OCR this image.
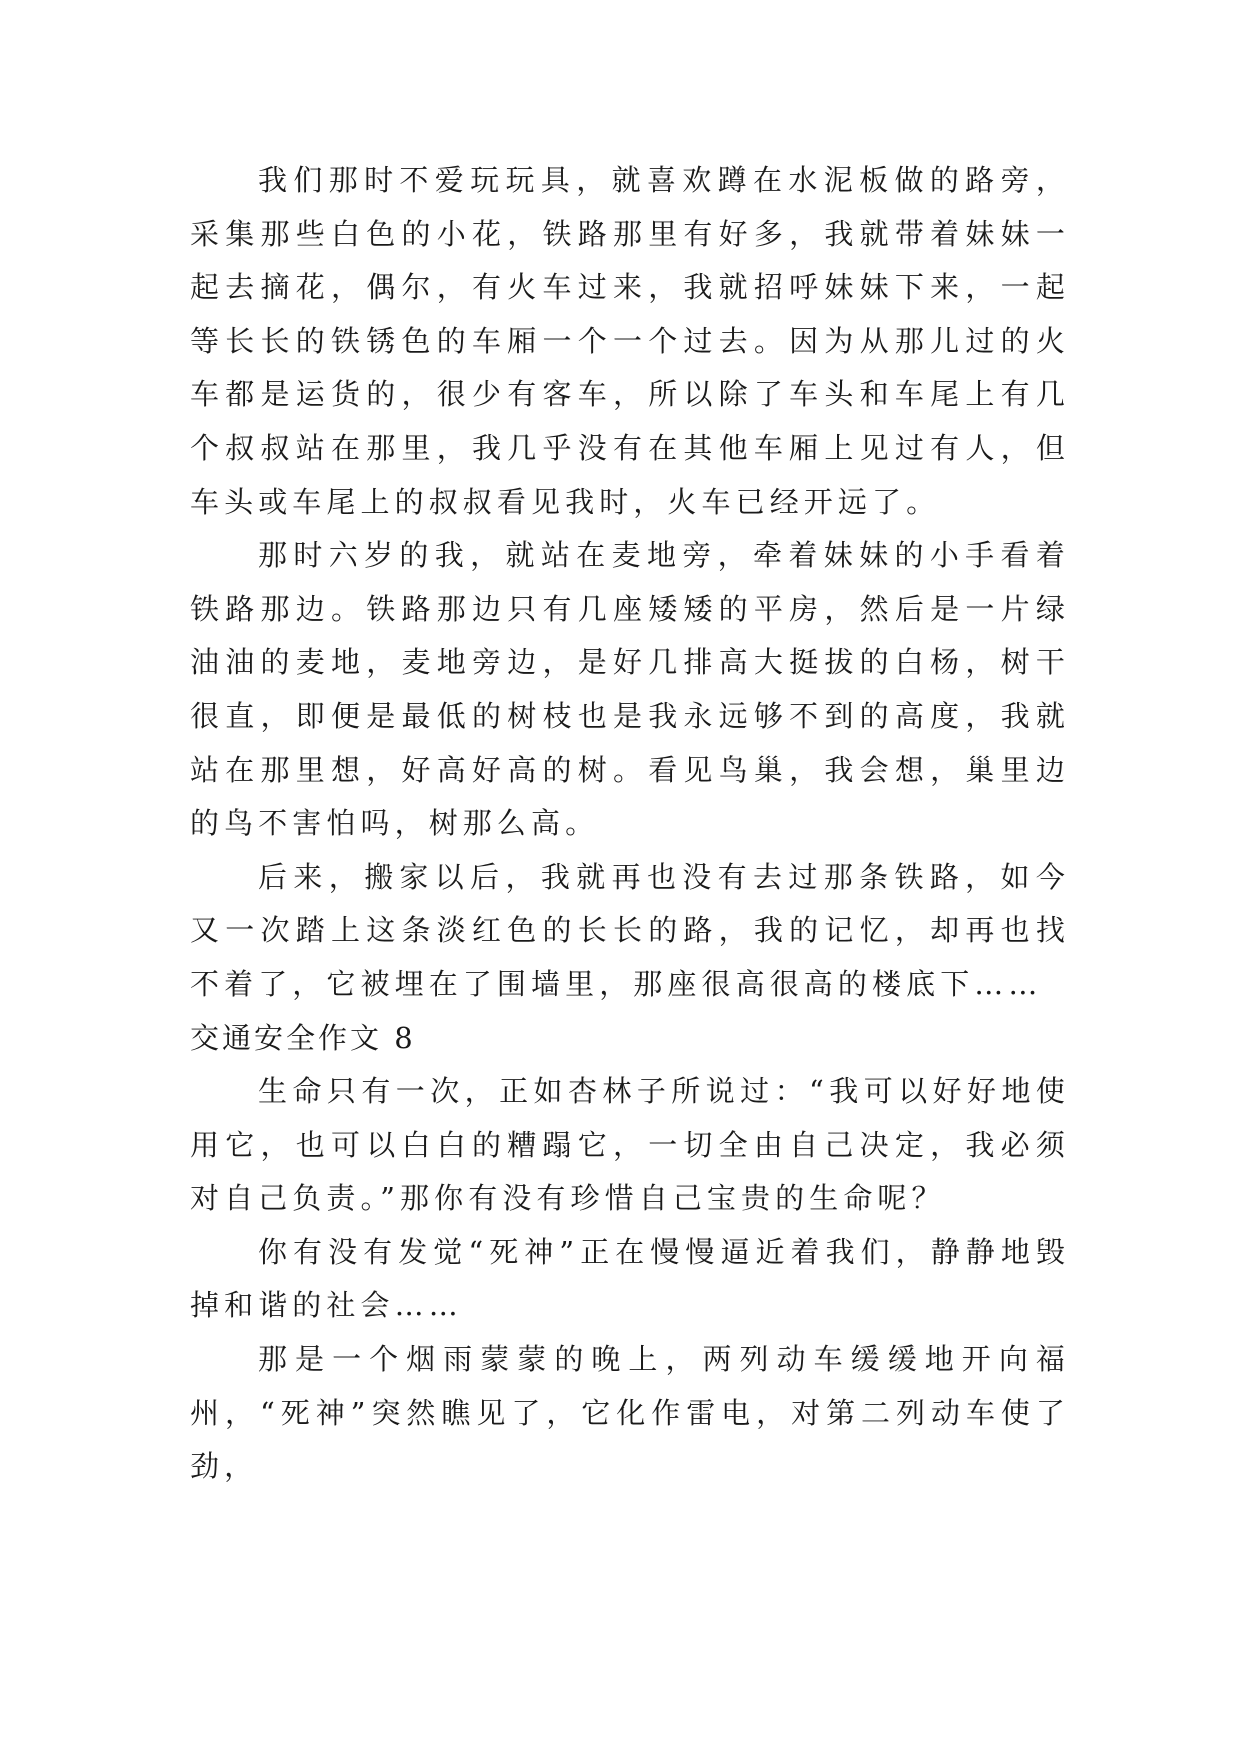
我们那时不爱玩玩具，就喜欢蹲在水泥板做的路旁，采集那些白色的小花，铁路那里有好多，我就带着妹妹一起去摘花，偶尔，有火车过来，我就招呼妹妹下来，一起等长长的铁锈色的车厢一个一个过去。因为从那儿过的火车都是运货的，很少有客车，所以除了车头和车尾上有几个叔叔站在那里，我几乎没有在其他车厢上见过有人，但车头或车尾上的叔叔看见我时，火车已经开远了。

那时六岁的我，就站在麦地旁，牵着妹妹的小手看着铁路那边。铁路那边只有几座矮矮的平房，然后是一片绿油油的麦地，麦地旁边，是好几排高大挺拔的白杨，树干很直，即便是最低的树枝也是我永远够不到的高度，我就站在那里想，好高好高的树。看见鸟巢，我会想，巢里边的鸟不害怕吗，树那么高。

后来，搬家以后，我就再也没有去过那条铁路，如今又一次踏上这条淡红色的长长的路，我的记忆，却再也找不着了，它被埋在了围墙里，那座很高很高的楼底下……

交通安全作文 8

生命只有一次，正如杏林子所说过：“我可以好好地使用它，也可以白白的糟蹋它，一切全由自己决定，我必须对自己负责。”那你有没有珍惜自己宝贵的生命呢？

你有没有发觉“死神”正在慢慢逼近着我们，静静地毁掉和谐的社会……

那是一个烟雨蒙蒙的晚上，两列动车缓缓地开向福州，“死神”突然瞧见了，它化作雷电，对第二列动车使了劲，
